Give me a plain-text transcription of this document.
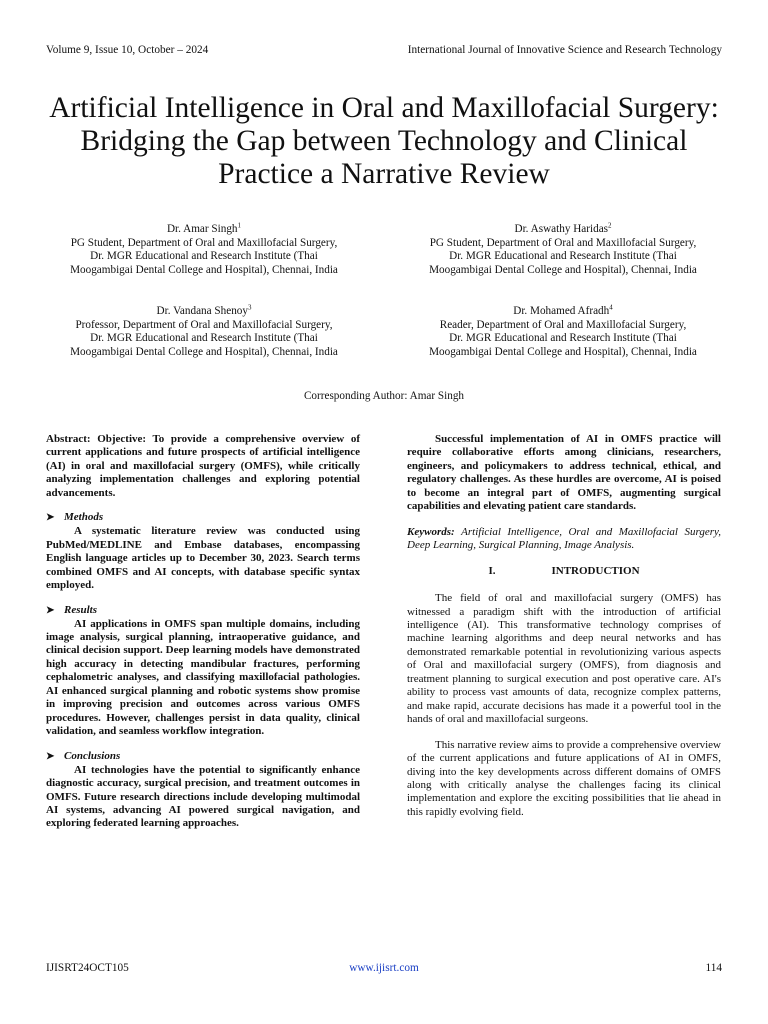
Volume 9, Issue 10, October – 2024	International Journal of Innovative Science and Research Technology
Artificial Intelligence in Oral and Maxillofacial Surgery: Bridging the Gap between Technology and Clinical Practice a Narrative Review
Dr. Amar Singh$^1$
PG Student, Department of Oral and Maxillofacial Surgery,
Dr. MGR Educational and Research Institute (Thai
Moogambigai Dental College and Hospital), Chennai, India
Dr. Aswathy Haridas$^2$
PG Student, Department of Oral and Maxillofacial Surgery,
Dr. MGR Educational and Research Institute (Thai
Moogambigai Dental College and Hospital), Chennai, India
Dr. Vandana Shenoy$^3$
Professor, Department of Oral and Maxillofacial Surgery,
Dr. MGR Educational and Research Institute (Thai
Moogambigai Dental College and Hospital), Chennai, India
Dr. Mohamed Afradh$^4$
Reader, Department of Oral and Maxillofacial Surgery,
Dr. MGR Educational and Research Institute (Thai
Moogambigai Dental College and Hospital), Chennai, India
Corresponding Author: Amar Singh

Abstract: Objective: To provide a comprehensive overview of current applications and future prospects of artificial intelligence (AI) in oral and maxillofacial surgery (OMFS), while critically analyzing implementation challenges and exploring potential advancements.

➤ Methods

A systematic literature review was conducted using PubMed/MEDLINE and Embase databases, encompassing English language articles up to December 30, 2023. Search terms combined OMFS and AI concepts, with database specific syntax employed.

➤ Results

AI applications in OMFS span multiple domains, including image analysis, surgical planning, intraoperative guidance, and clinical decision support. Deep learning models have demonstrated high accuracy in detecting mandibular fractures, performing cephalometric analyses, and classifying maxillofacial pathologies. AI enhanced surgical planning and robotic systems show promise in improving precision and outcomes across various OMFS procedures. However, challenges persist in data quality, clinical validation, and seamless workflow integration.

➤ Conclusions

AI technologies have the potential to significantly enhance diagnostic accuracy, surgical precision, and treatment outcomes in OMFS. Future research directions include developing multimodal AI systems, advancing AI powered surgical navigation, and exploring federated learning approaches.

Successful implementation of AI in OMFS practice will require collaborative efforts among clinicians, researchers, engineers, and policymakers to address technical, ethical, and regulatory challenges. As these hurdles are overcome, AI is poised to become an integral part of OMFS, augmenting surgical capabilities and elevating patient care standards.

Keywords: Artificial Intelligence, Oral and Maxillofacial Surgery, Deep Learning, Surgical Planning, Image Analysis.

I.	INTRODUCTION

The field of oral and maxillofacial surgery (OMFS) has witnessed a paradigm shift with the introduction of artificial intelligence (AI). This transformative technology comprises of machine learning algorithms and deep neural networks and has demonstrated remarkable potential in revolutionizing various aspects of Oral and maxillofacial surgery (OMFS), from diagnosis and treatment planning to surgical execution and post operative care. AI's ability to process vast amounts of data, recognize complex patterns, and make rapid, accurate decisions has made it a powerful tool in the hands of oral and maxillofacial surgeons.

This narrative review aims to provide a comprehensive overview of the current applications and future applications of AI in OMFS, diving into the key developments across different domains of OMFS along with critically analyse the challenges facing its clinical implementation and explore the exciting possibilities that lie ahead in this rapidly evolving field.

IJISRT24OCT105	www.ijisrt.com	114
